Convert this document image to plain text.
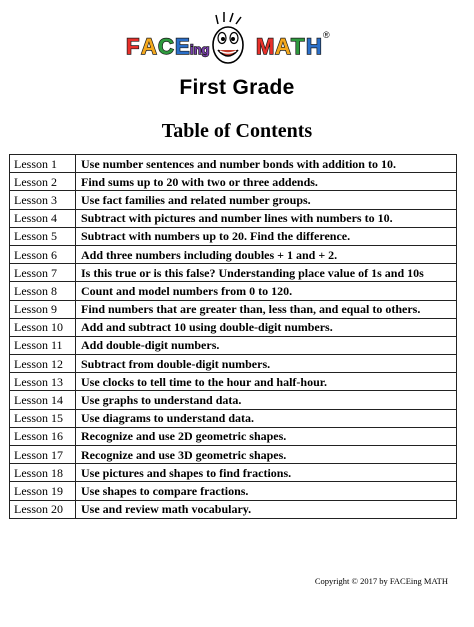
F A C E ing M A T H ®
First Grade
Table of Contents
Lesson 1	Use number sentences and number bonds with addition to 10.
Lesson 2	Find sums up to 20 with two or three addends.
Lesson 3	Use fact families and related number groups.
Lesson 4	Subtract with pictures and number lines with numbers to 10.
Lesson 5	Subtract with numbers up to 20. Find the difference.
Lesson 6	Add three numbers including doubles + 1 and + 2.
Lesson 7	Is this true or is this false? Understanding place value of 1s and 10s
Lesson 8	Count and model numbers from 0 to 120.
Lesson 9	Find numbers that are greater than, less than, and equal to others.
Lesson 10	Add and subtract 10 using double-digit numbers.
Lesson 11	Add double-digit numbers.
Lesson 12	Subtract from double-digit numbers.
Lesson 13	Use clocks to tell time to the hour and half-hour.
Lesson 14	Use graphs to understand data.
Lesson 15	Use diagrams to understand data.
Lesson 16	Recognize and use 2D geometric shapes.
Lesson 17	Recognize and use 3D geometric shapes.
Lesson 18	Use pictures and shapes to find fractions.
Lesson 19	Use shapes to compare fractions.
Lesson 20	Use and review math vocabulary.
Copyright © 2017 by FACEing MATH
